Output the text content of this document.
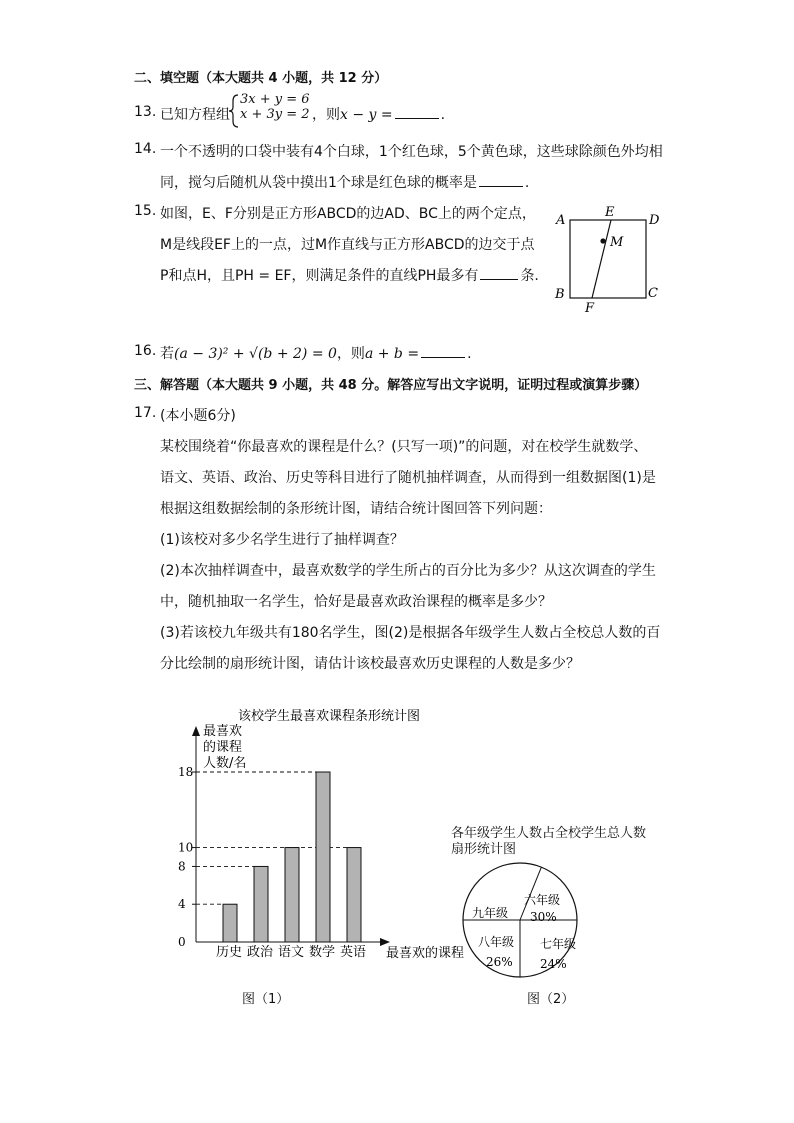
二、填空题（本大题共 4 小题，共 12 分）
13. 已知方程组
3x + y = 6
x + 3y = 2 ，则x − y =	.
14. 一个不透明的口袋中装有4个白球，1个红色球，5个黄色球，这些球除颜色外均相
同，搅匀后随机从袋中摸出1个球是红色球的概率是	.
15. 如图，E、F分别是正方形ABCD的边AD、BC上的两个定点，
M是线段EF上的一点，过M作直线与正方形ABCD的边交于点
P和点H，且PH = EF，则满足条件的直线PH最多有	条.
A
E
D
M
B	C
F
16. 若(a − 3)² + √(b + 2) = 0，则a + b =	.
三、解答题（本大题共 9 小题，共 48 分。解答应写出文字说明，证明过程或演算步骤）
17. (本小题6分)
某校围绕着“你最喜欢的课程是什么？(只写一项)”的问题，对在校学生就数学、
语文、英语、政治、历史等科目进行了随机抽样调查，从而得到一组数据图(1)是
根据这组数据绘制的条形统计图，请结合统计图回答下列问题：
(1)该校对多少名学生进行了抽样调查？
(2)本次抽样调查中，最喜欢数学的学生所占的百分比为多少？从这次调查的学生
中，随机抽取一名学生，恰好是最喜欢政治课程的概率是多少？
(3)若该校九年级共有180名学生，图(2)是根据各年级学生人数占全校总人数的百
分比绘制的扇形统计图，请估计该校最喜欢历史课程的人数是多少？
该校学生最喜欢课程条形统计图
最喜欢
的课程
人数/名
0
4
8
10
18
历史 政治 语文 数学 英语 最喜欢的课程
图（1）
各年级学生人数占全校学生总人数
扇形统计图
六年级
30%
七年级
24%
八年级
26%
九年级
图（2）
